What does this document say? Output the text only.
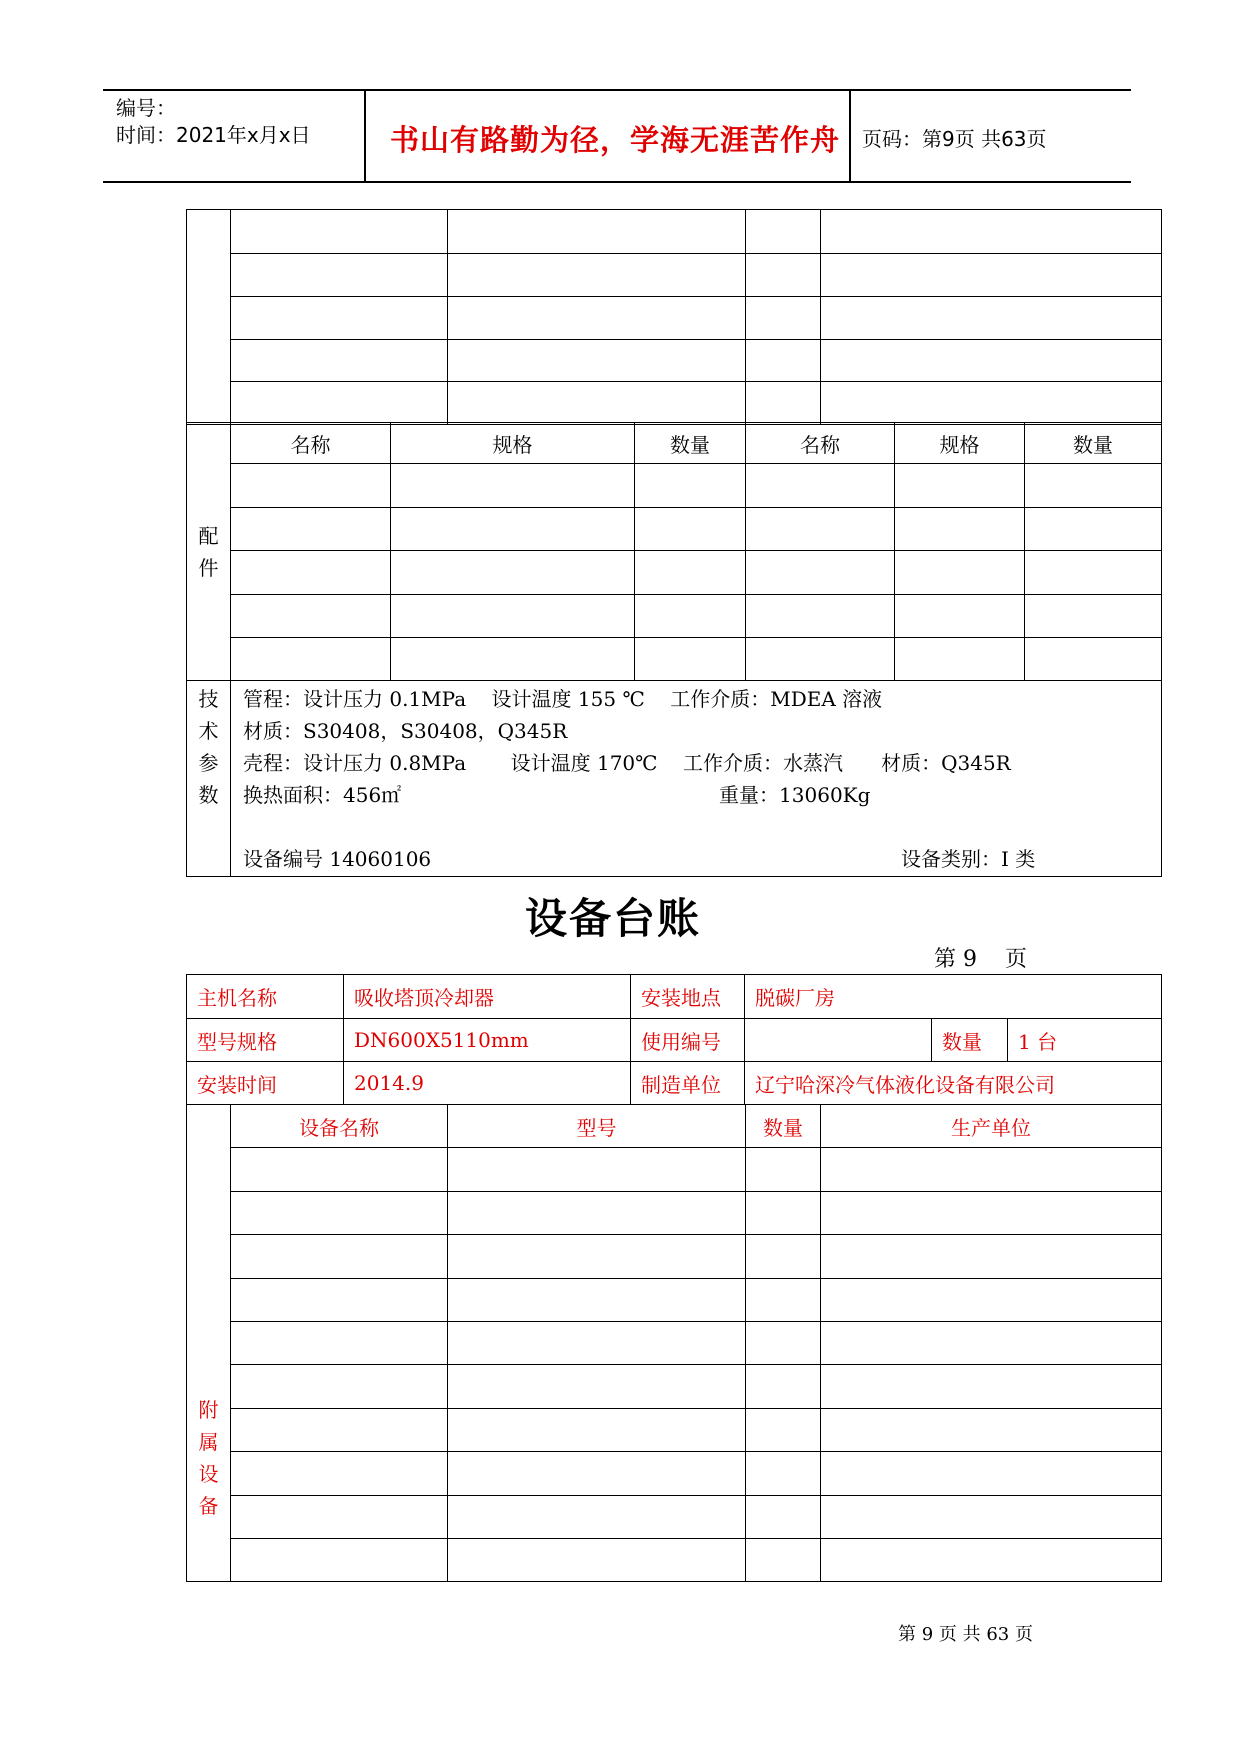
编号：
时间：2021年x月x日	书山有路勤为径，学海无涯苦作舟 页码：第9页 共63页

配件	名称	规格	数量	名称	规格	数量

技术参数

管程：设计压力 0.1MPa    设计温度 155 ℃    工作介质：MDEA 溶液
材质：S30408，S30408，Q345R
壳程：设计压力 0.8MPa       设计温度 170℃    工作介质：水蒸汽      材质：Q345R
换热面积：456㎡                                                  重量：13060Kg
设备编号 14060106	设备类别：I 类
设备台账
第 9    页
主机名称	吸收塔顶冷却器	安装地点	脱碳厂房		
型号规格	DN600X5110mm	使用编号		数量	1 台
安装时间	2014.9	制造单位	辽宁哈深冷气体液化设备有限公司		
附属设备	设备名称	型号	数量	生产单位

第 9 页 共 63 页
